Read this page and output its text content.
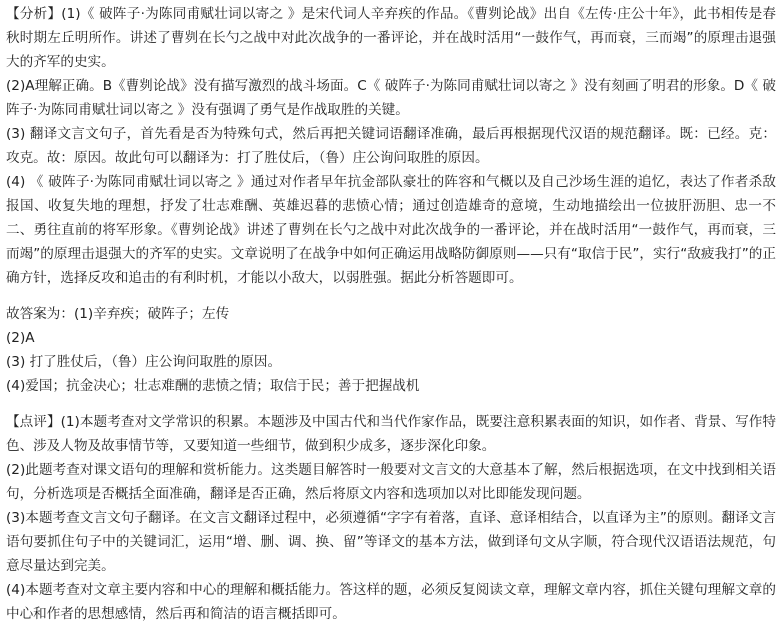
【分析】(1)《 破阵子·为陈同甫赋壮词以寄之 》是宋代词人辛弃疾的作品。《曹刿论战》出自《左传·庄公十年》，此书相传是春秋时期左丘明所作。讲述了曹刿在长勺之战中对此次战争的一番评论，并在战时活用“一鼓作气，再而衰，三而竭”的原理击退强大的齐军的史实。

(2)A理解正确。B《曹刿论战》没有描写激烈的战斗场面。C《 破阵子·为陈同甫赋壮词以寄之 》没有刻画了明君的形象。D《 破阵子·为陈同甫赋壮词以寄之 》没有强调了勇气是作战取胜的关键。

(3) 翻译文言文句子，首先看是否为特殊句式，然后再把关键词语翻译准确，最后再根据现代汉语的规范翻译。既：已经。克：攻克。故：原因。故此句可以翻译为：打了胜仗后，（鲁）庄公询问取胜的原因。

(4) 《 破阵子·为陈同甫赋壮词以寄之 》通过对作者早年抗金部队豪壮的阵容和气概以及自己沙场生涯的追忆，表达了作者杀敌报国、收复失地的理想，抒发了壮志难酬、英雄迟暮的悲愤心情；通过创造雄奇的意境，生动地描绘出一位披肝沥胆、忠一不二、勇往直前的将军形象。《曹刿论战》讲述了曹刿在长勺之战中对此次战争的一番评论，并在战时活用“一鼓作气，再而衰，三而竭”的原理击退强大的齐军的史实。文章说明了在战争中如何正确运用战略防御原则——只有“取信于民”，实行“敌疲我打”的正确方针，选择反攻和追击的有利时机，才能以小敌大，以弱胜强。据此分析答题即可。

故答案为：(1)辛弃疾；破阵子；左传

(2)A

(3) 打了胜仗后，（鲁）庄公询问取胜的原因。

(4)爱国；抗金决心；壮志难酬的悲愤之情；取信于民；善于把握战机

【点评】(1)本题考查对文学常识的积累。本题涉及中国古代和当代作家作品，既要注意积累表面的知识，如作者、背景、写作特色、涉及人物及故事情节等，又要知道一些细节，做到积少成多，逐步深化印象。

(2)此题考查对课文语句的理解和赏析能力。这类题目解答时一般要对文言文的大意基本了解，然后根据选项，在文中找到相关语句，分析选项是否概括全面准确，翻译是否正确，然后将原文内容和选项加以对比即能发现问题。

(3)本题考查文言文句子翻译。在文言文翻译过程中，必须遵循“字字有着落，直译、意译相结合，以直译为主”的原则。翻译文言语句要抓住句子中的关键词汇，运用“增、删、调、换、留”等译文的基本方法，做到译句文从字顺，符合现代汉语语法规范，句意尽量达到完美。

(4)本题考查对文章主要内容和中心的理解和概括能力。答这样的题，必须反复阅读文章，理解文章内容，抓住关键句理解文章的中心和作者的思想感情，然后再和简洁的语言概括即可。
